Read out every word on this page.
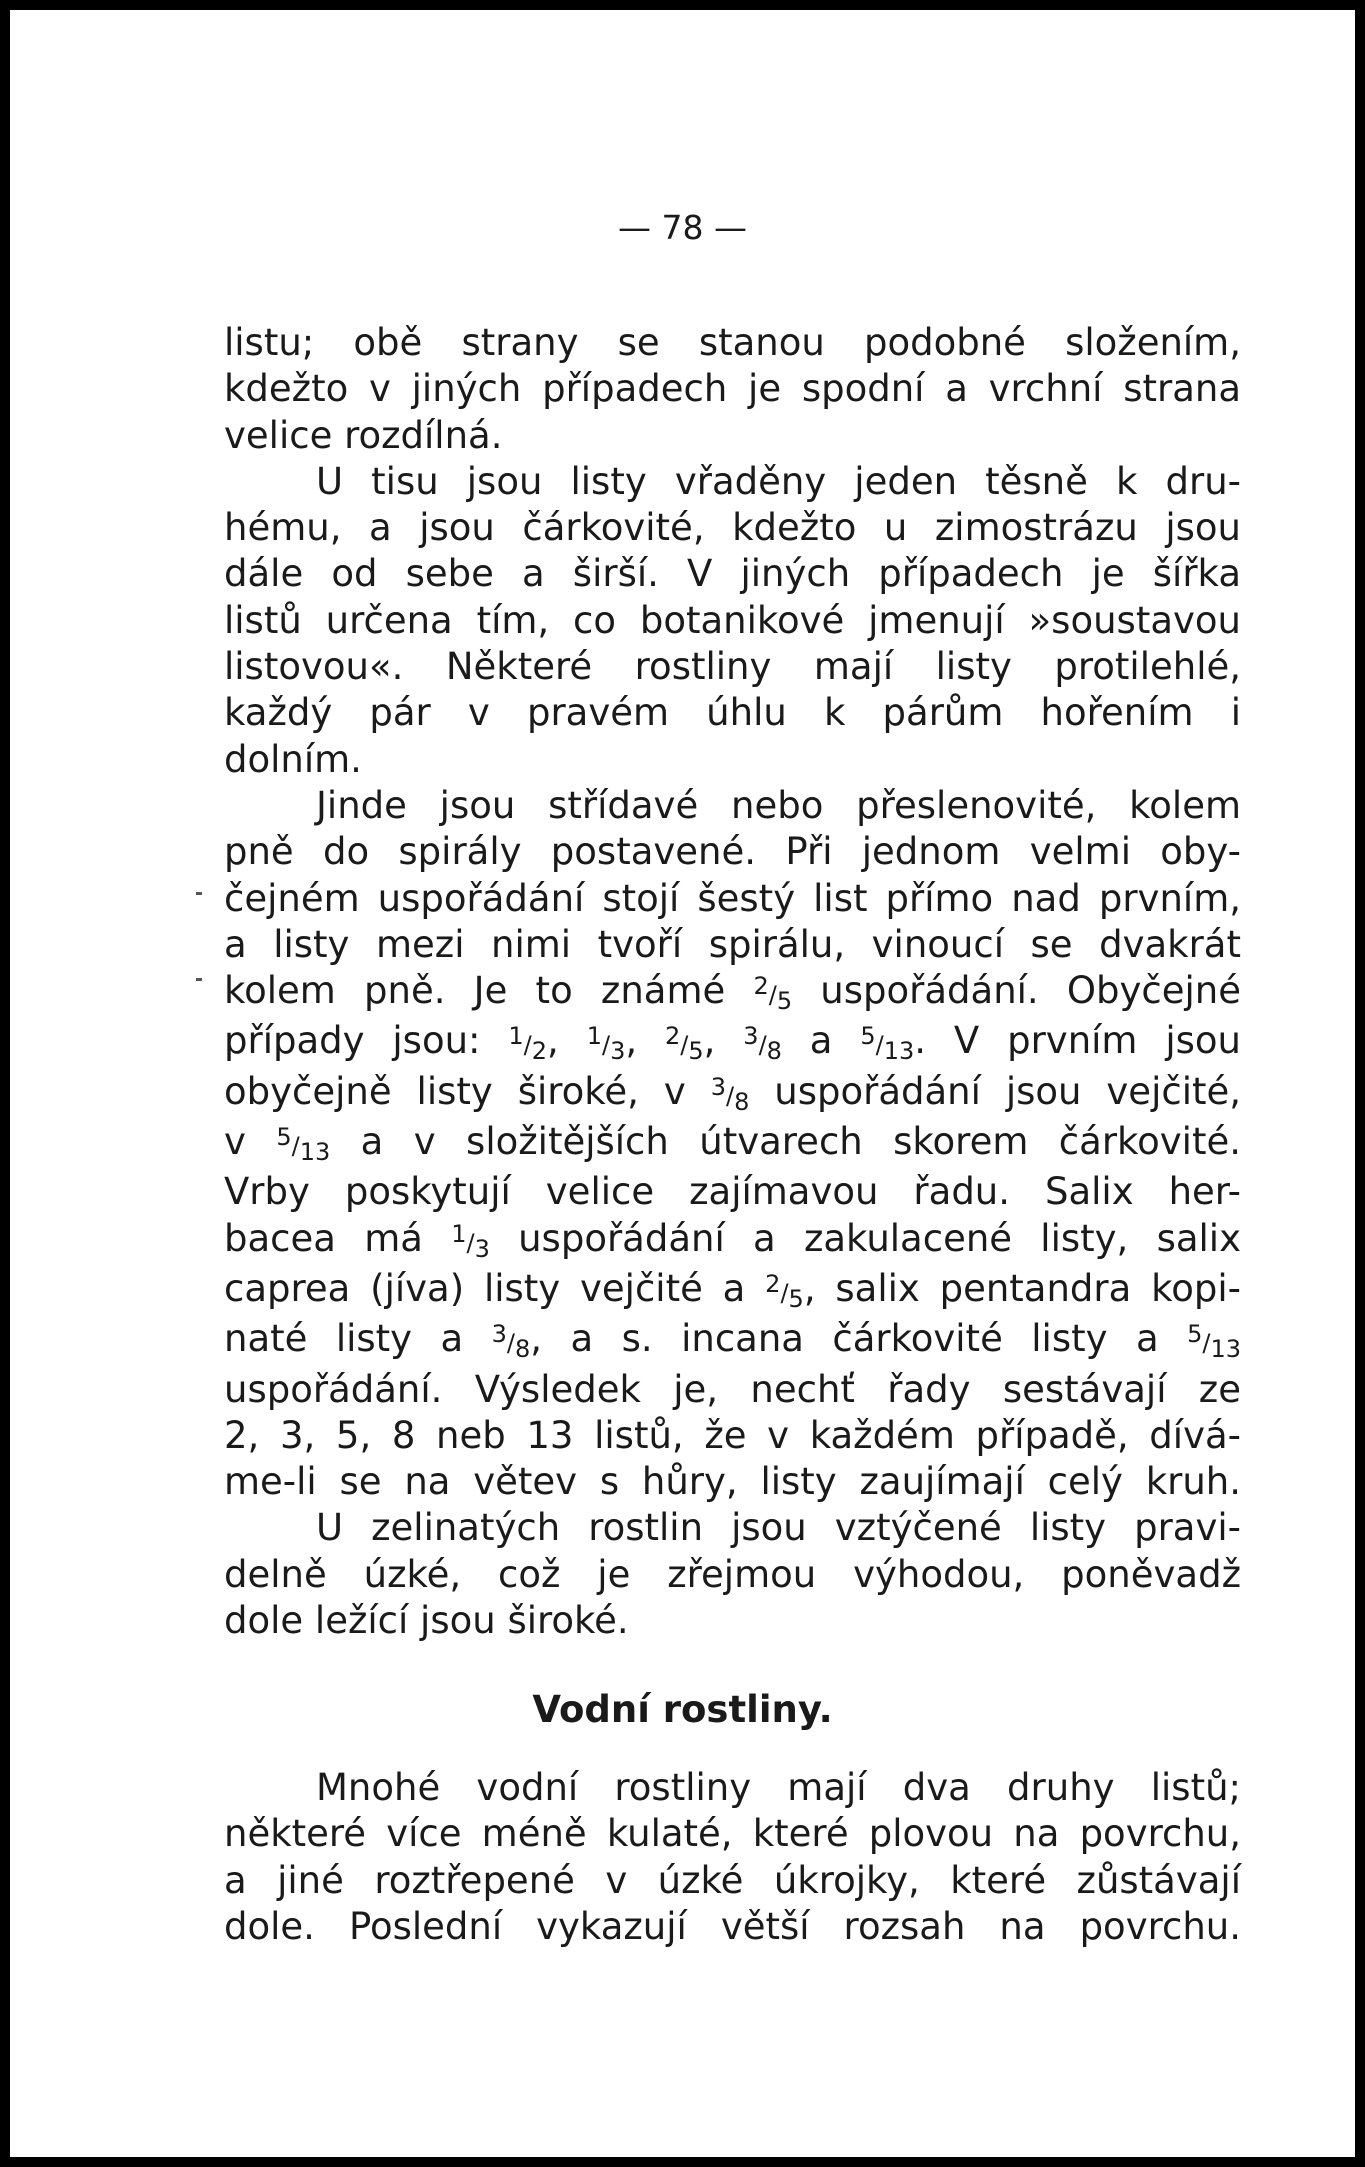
— 78 —
listu; obě strany se stanou podobné složením,
kdežto v jiných případech je spodní a vrchní strana
velice rozdílná.
U tisu jsou listy vřaděny jeden těsně k dru-
hému, a jsou čárkovité, kdežto u zimostrázu jsou
dále od sebe a širší. V jiných případech je šířka
listů určena tím, co botanikové jmenují »soustavou
listovou«. Některé rostliny mají listy protilehlé,
každý pár v pravém úhlu k párům hořením i
dolním.
Jinde jsou střídavé nebo přeslenovité, kolem
pně do spirály postavené. Při jednom velmi oby-
čejném uspořádání stojí šestý list přímo nad prvním,
a listy mezi nimi tvoří spirálu, vinoucí se dvakrát
kolem pně. Je to známé $^2/_5$ uspořádání. Obyčejné
případy jsou: $^1/_2$, $^1/_3$, $^2/_5$, $^3/_8$ a $^5/_{13}$. V prvním jsou
obyčejně listy široké, v $^3/_8$ uspořádání jsou vejčité,
v $^5/_{13}$ a v složitějších útvarech skorem čárkovité.
Vrby poskytují velice zajímavou řadu. Salix her-
bacea má $^1/_3$ uspořádání a zakulacené listy, salix
caprea (jíva) listy vejčité a $^2/_5$, salix pentandra kopi-
naté listy a $^3/_8$, a s. incana čárkovité listy a $^5/_{13}$
uspořádání. Výsledek je, nechť řady sestávají ze
2, 3, 5, 8 neb 13 listů, že v každém případě, dívá-
me-li se na větev s hůry, listy zaujímají celý kruh.
U zelinatých rostlin jsou vztýčené listy pravi-
delně úzké, což je zřejmou výhodou, poněvadž
dole ležící jsou široké.
Vodní rostliny.
Mnohé vodní rostliny mají dva druhy listů;
některé více méně kulaté, které plovou na povrchu,
a jiné roztřepené v úzké úkrojky, které zůstávají
dole. Poslední vykazují větší rozsah na povrchu.
